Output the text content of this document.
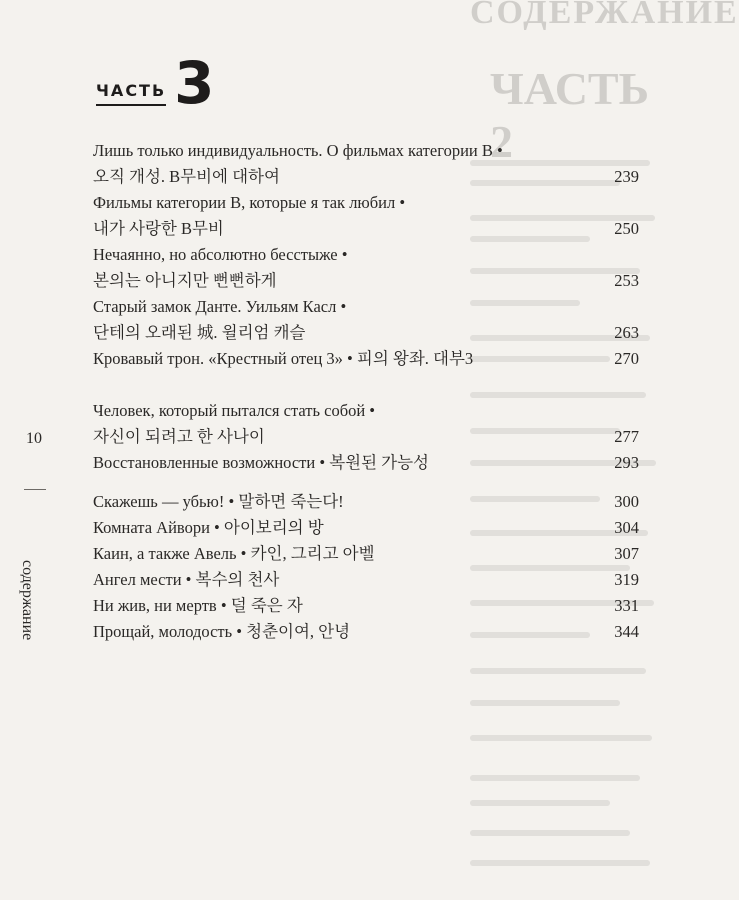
СОДЕРЖАНИЕ
ЧАСТЬ 2
ЧАСТЬ 3
Лишь только индивидуальность. О фильмах категории В •
오직 개성. B무비에 대하여	239
Фильмы категории В, которые я так любил •
내가 사랑한 B무비	250
Нечаянно, но абсолютно бесстыже •
본의는 아니지만 뻔뻔하게	253
Старый замок Данте. Уильям Касл •
단테의 오래된 城. 윌리엄 캐슬	263
Кровавый трон. «Крестный отец 3» • 피의 왕좌. 대부3	270
Человек, который пытался стать собой •
자신이 되려고 한 사나이	277
Восстановленные возможности • 복원된 가능성	293
Скажешь — убью! • 말하면 죽는다!	300
Комната Айвори • 아이보리의 방	304
Каин, а также Авель • 카인, 그리고 아벨	307
Ангел мести • 복수의 천사	319
Ни жив, ни мертв • 덜 죽은 자	331
Прощай, молодость • 청춘이여, 안녕	344
10
содержание
